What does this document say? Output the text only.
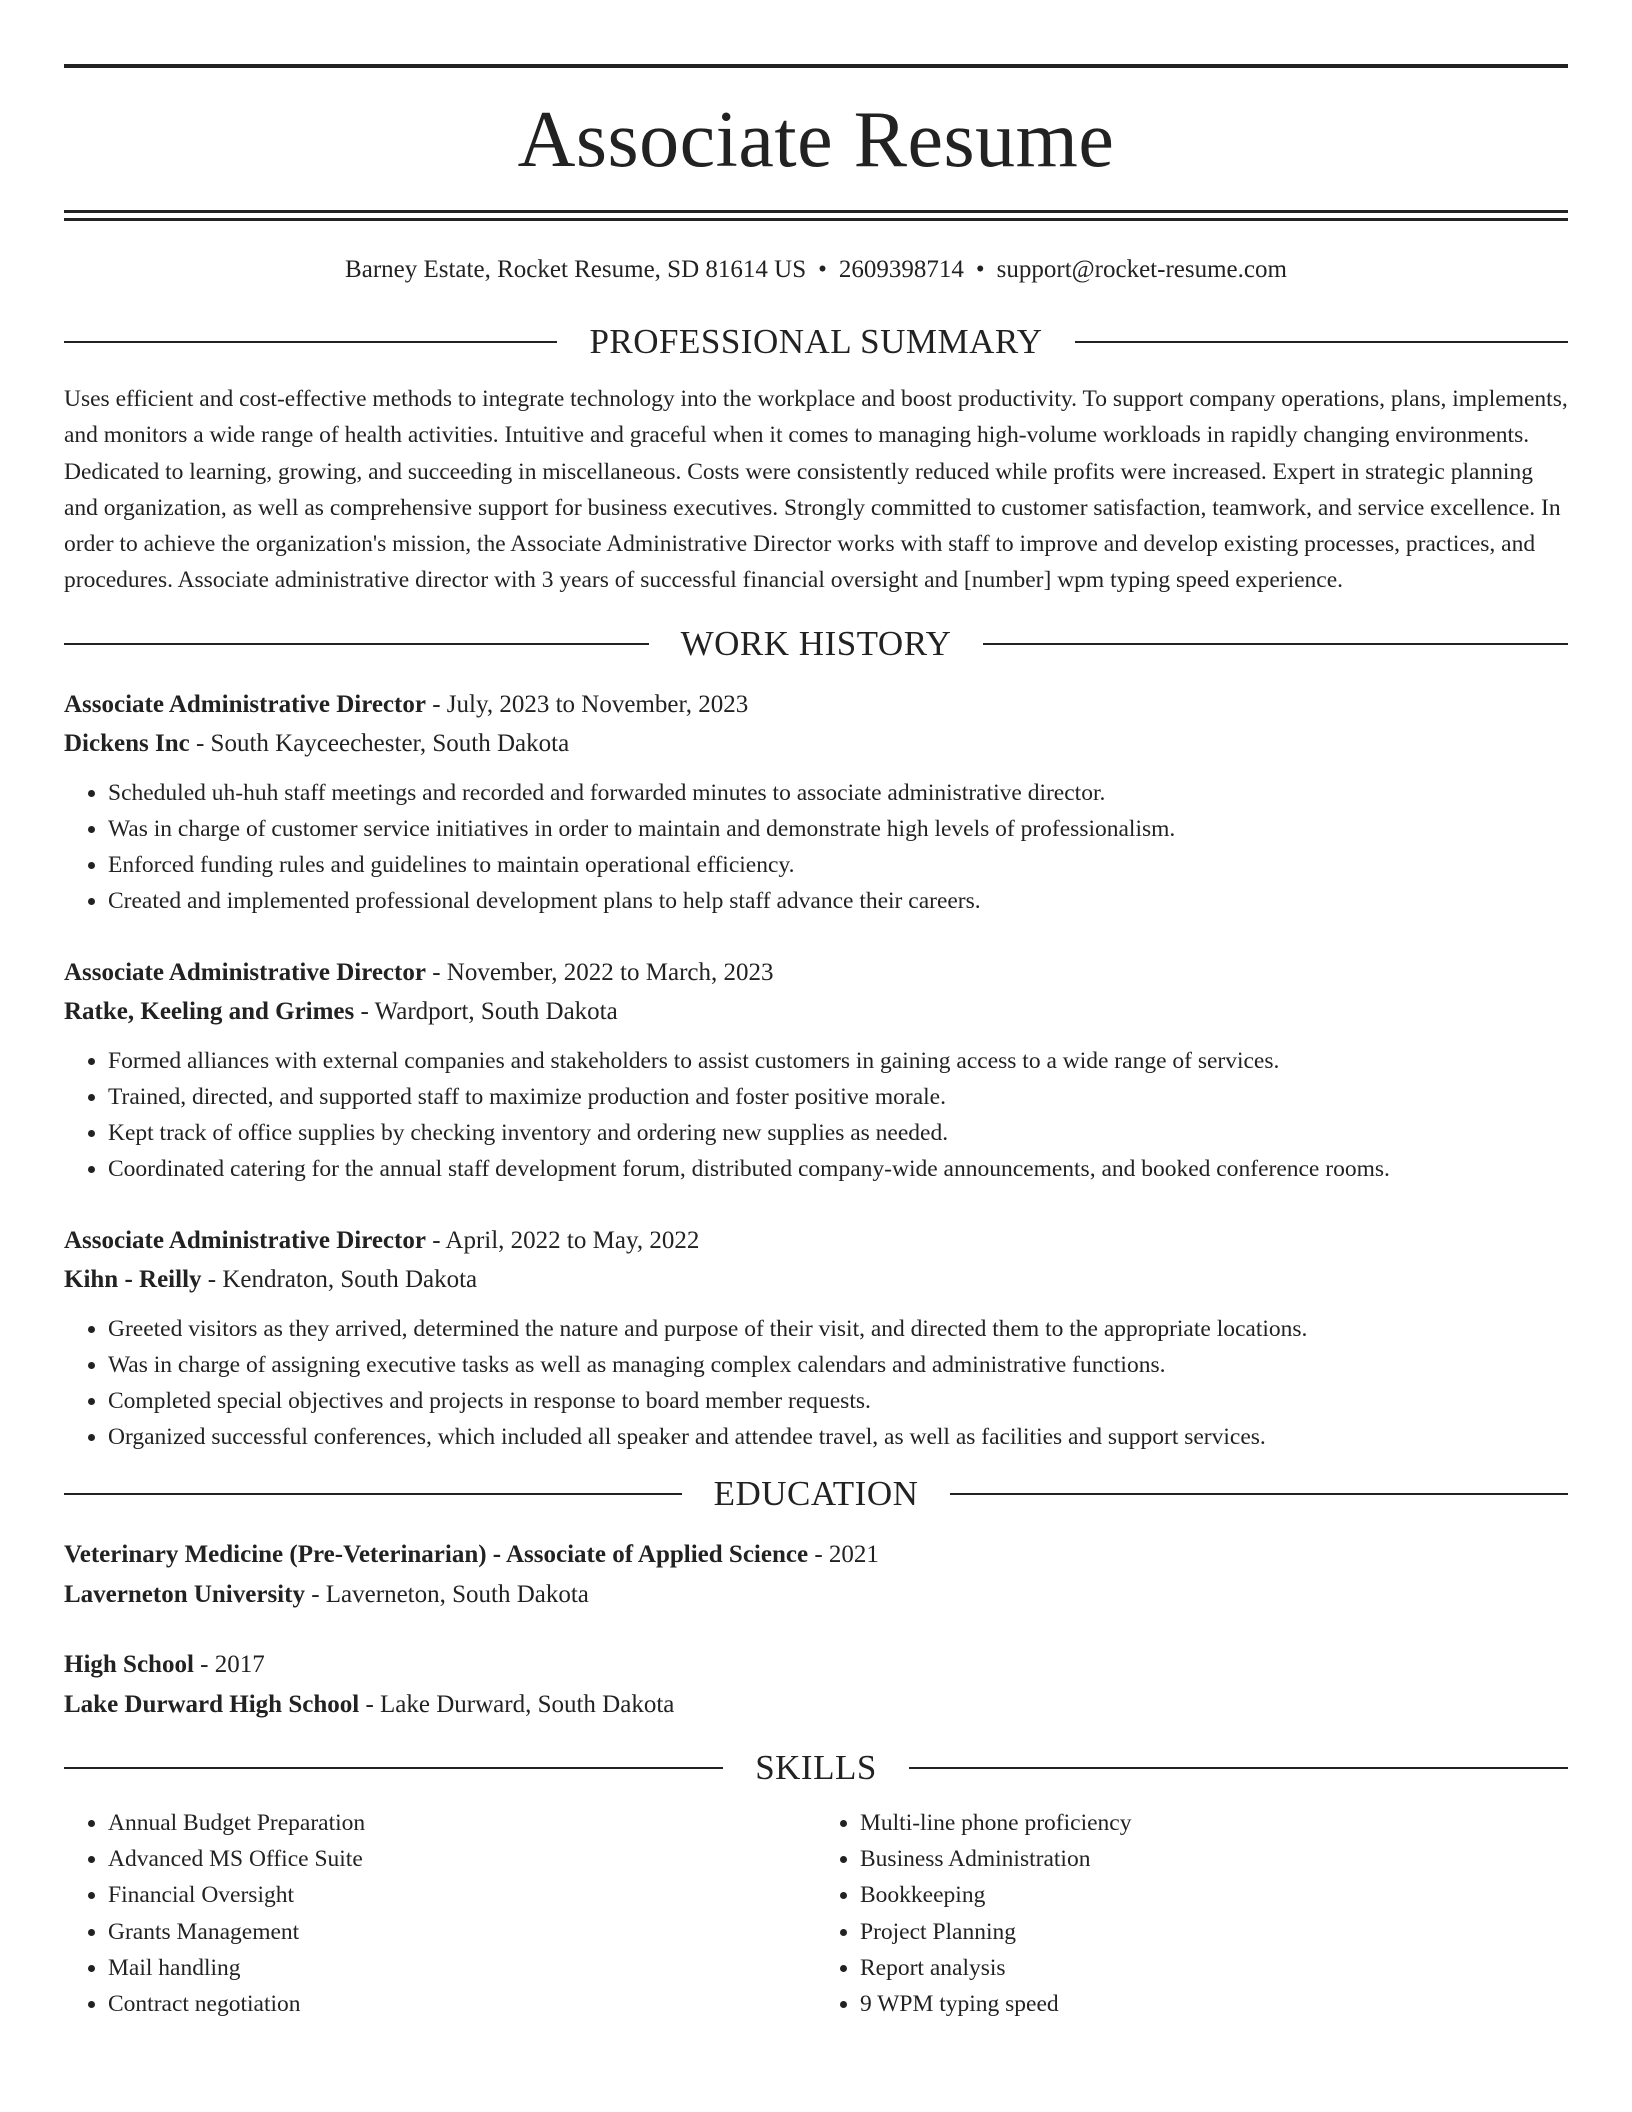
Associate Resume
Barney Estate, Rocket Resume, SD 81614 US • 2609398714 • support@rocket-resume.com
PROFESSIONAL SUMMARY
Uses efficient and cost-effective methods to integrate technology into the workplace and boost productivity. To support company operations, plans, implements, and monitors a wide range of health activities. Intuitive and graceful when it comes to managing high-volume workloads in rapidly changing environments. Dedicated to learning, growing, and succeeding in miscellaneous. Costs were consistently reduced while profits were increased. Expert in strategic planning and organization, as well as comprehensive support for business executives. Strongly committed to customer satisfaction, teamwork, and service excellence. In order to achieve the organization's mission, the Associate Administrative Director works with staff to improve and develop existing processes, practices, and procedures. Associate administrative director with 3 years of successful financial oversight and [number] wpm typing speed experience.
WORK HISTORY
Associate Administrative Director - July, 2023 to November, 2023
Dickens Inc - South Kayceechester, South Dakota
• Scheduled uh-huh staff meetings and recorded and forwarded minutes to associate administrative director.
• Was in charge of customer service initiatives in order to maintain and demonstrate high levels of professionalism.
• Enforced funding rules and guidelines to maintain operational efficiency.
• Created and implemented professional development plans to help staff advance their careers.
Associate Administrative Director - November, 2022 to March, 2023
Ratke, Keeling and Grimes - Wardport, South Dakota
• Formed alliances with external companies and stakeholders to assist customers in gaining access to a wide range of services.
• Trained, directed, and supported staff to maximize production and foster positive morale.
• Kept track of office supplies by checking inventory and ordering new supplies as needed.
• Coordinated catering for the annual staff development forum, distributed company-wide announcements, and booked conference rooms.
Associate Administrative Director - April, 2022 to May, 2022
Kihn - Reilly - Kendraton, South Dakota
• Greeted visitors as they arrived, determined the nature and purpose of their visit, and directed them to the appropriate locations.
• Was in charge of assigning executive tasks as well as managing complex calendars and administrative functions.
• Completed special objectives and projects in response to board member requests.
• Organized successful conferences, which included all speaker and attendee travel, as well as facilities and support services.
EDUCATION
Veterinary Medicine (Pre-Veterinarian) - Associate of Applied Science - 2021
Laverneton University - Laverneton, South Dakota
High School - 2017
Lake Durward High School - Lake Durward, South Dakota
SKILLS
• Annual Budget Preparation
• Advanced MS Office Suite
• Financial Oversight
• Grants Management
• Mail handling
• Contract negotiation
• Multi-line phone proficiency
• Business Administration
• Bookkeeping
• Project Planning
• Report analysis
• 9 WPM typing speed
